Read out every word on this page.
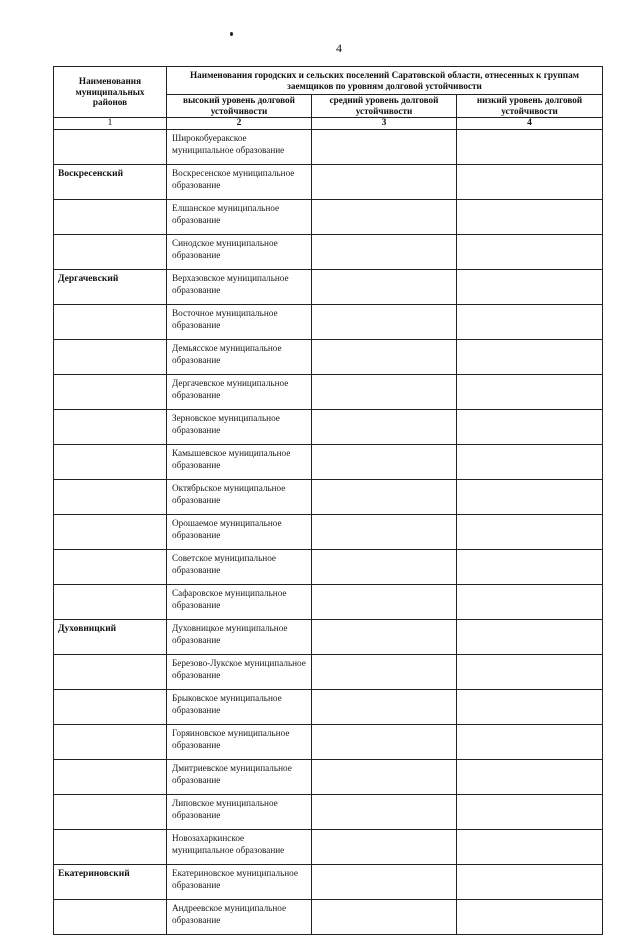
4
Наименования муниципальных районов	Наименования городских и сельских поселений Саратовской области, отнесенных к группам заемщиков по уровням долговой устойчивости		
	высокий уровень долговой устойчивости	средний уровень долговой устойчивости	низкий уровень долговой устойчивости
1	2	3	4
	Широкобуеракское муниципальное образование		
Воскресенский	Воскресенское муниципальное образование		
	Елшанское муниципальное образование		
	Синодское муниципальное образование		
Дергачевский	Верхазовское муниципальное образование		
	Восточное муниципальное образование		
	Демьясское муниципальное образование		
	Дергачевское муниципальное образование		
	Зерновское муниципальное образование		
	Камышевское муниципальное образование		
	Октябрьское муниципальное образование		
	Орошаемое муниципальное образование		
	Советское муниципальное образование		
	Сафаровское муниципальное образование		
Духовницкий	Духовницкое муниципальное образование		
	Березово-Лукское муниципальное образование		
	Брыковское муниципальное образование		
	Горяиновское муниципальное образование		
	Дмитриевское муниципальное образование		
	Липовское муниципальное образование		
	Новозахаркинское муниципальное образование		
Екатериновский	Екатериновское муниципальное образование		
	Андреевское муниципальное образование		
